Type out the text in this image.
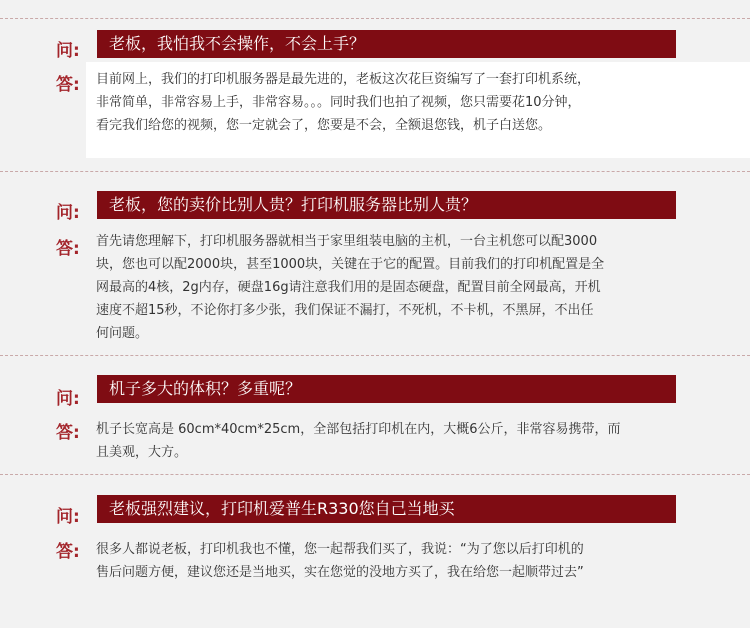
问:	老板，我怕我不会操作，不会上手？
答: 目前网上，我们的打印机服务器是最先进的，老板这次花巨资编写了一套打印机系统，

非常简单，非常容易上手，非常容易。。。同时我们也拍了视频，您只需要花10分钟，

看完我们给您的视频，您一定就会了，您要是不会，全额退您钱，机子白送您。

问:	老板，您的卖价比别人贵？打印机服务器比别人贵？
答: 首先请您理解下，打印机服务器就相当于家里组装电脑的主机，一台主机您可以配3000

块，您也可以配2000块，甚至1000块，关键在于它的配置。目前我们的打印机配置是全

网最高的4核，2g内存，硬盘16g请注意我们用的是固态硬盘，配置目前全网最高，开机

速度不超15秒，不论你打多少张，我们保证不漏打，不死机，不卡机，不黑屏，不出任

何问题。

问:
机子多大的体积？多重呢？
答: 机子长宽高是 60cm*40cm*25cm，全部包括打印机在内，大概6公斤，非常容易携带，而

且美观，大方。

问:	老板强烈建议，打印机爱普生R330您自己当地买
答: 很多人都说老板，打印机我也不懂，您一起帮我们买了，我说：“为了您以后打印机的

售后问题方便，建议您还是当地买，实在您觉的没地方买了，我在给您一起顺带过去”
